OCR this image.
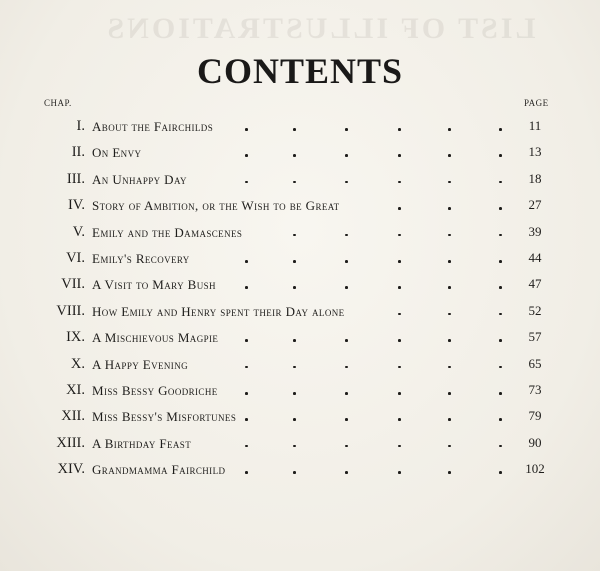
LIST OF ILLUSTRATIONS
CONTENTS
CHAP.	PAGE
I. About the Fairchilds	11
II. On Envy	13
III. An Unhappy Day	18
IV. Story of Ambition, or the Wish to be Great	27
V. Emily and the Damascenes	39
VI. Emily's Recovery	44
VII. A Visit to Mary Bush	47
VIII. How Emily and Henry spent their Day alone	52
IX. A Mischievous Magpie	57
X. A Happy Evening	65
XI. Miss Bessy Goodriche	73
XII. Miss Bessy's Misfortunes	79
XIII. A Birthday Feast	90
XIV. Grandmamma Fairchild	102
